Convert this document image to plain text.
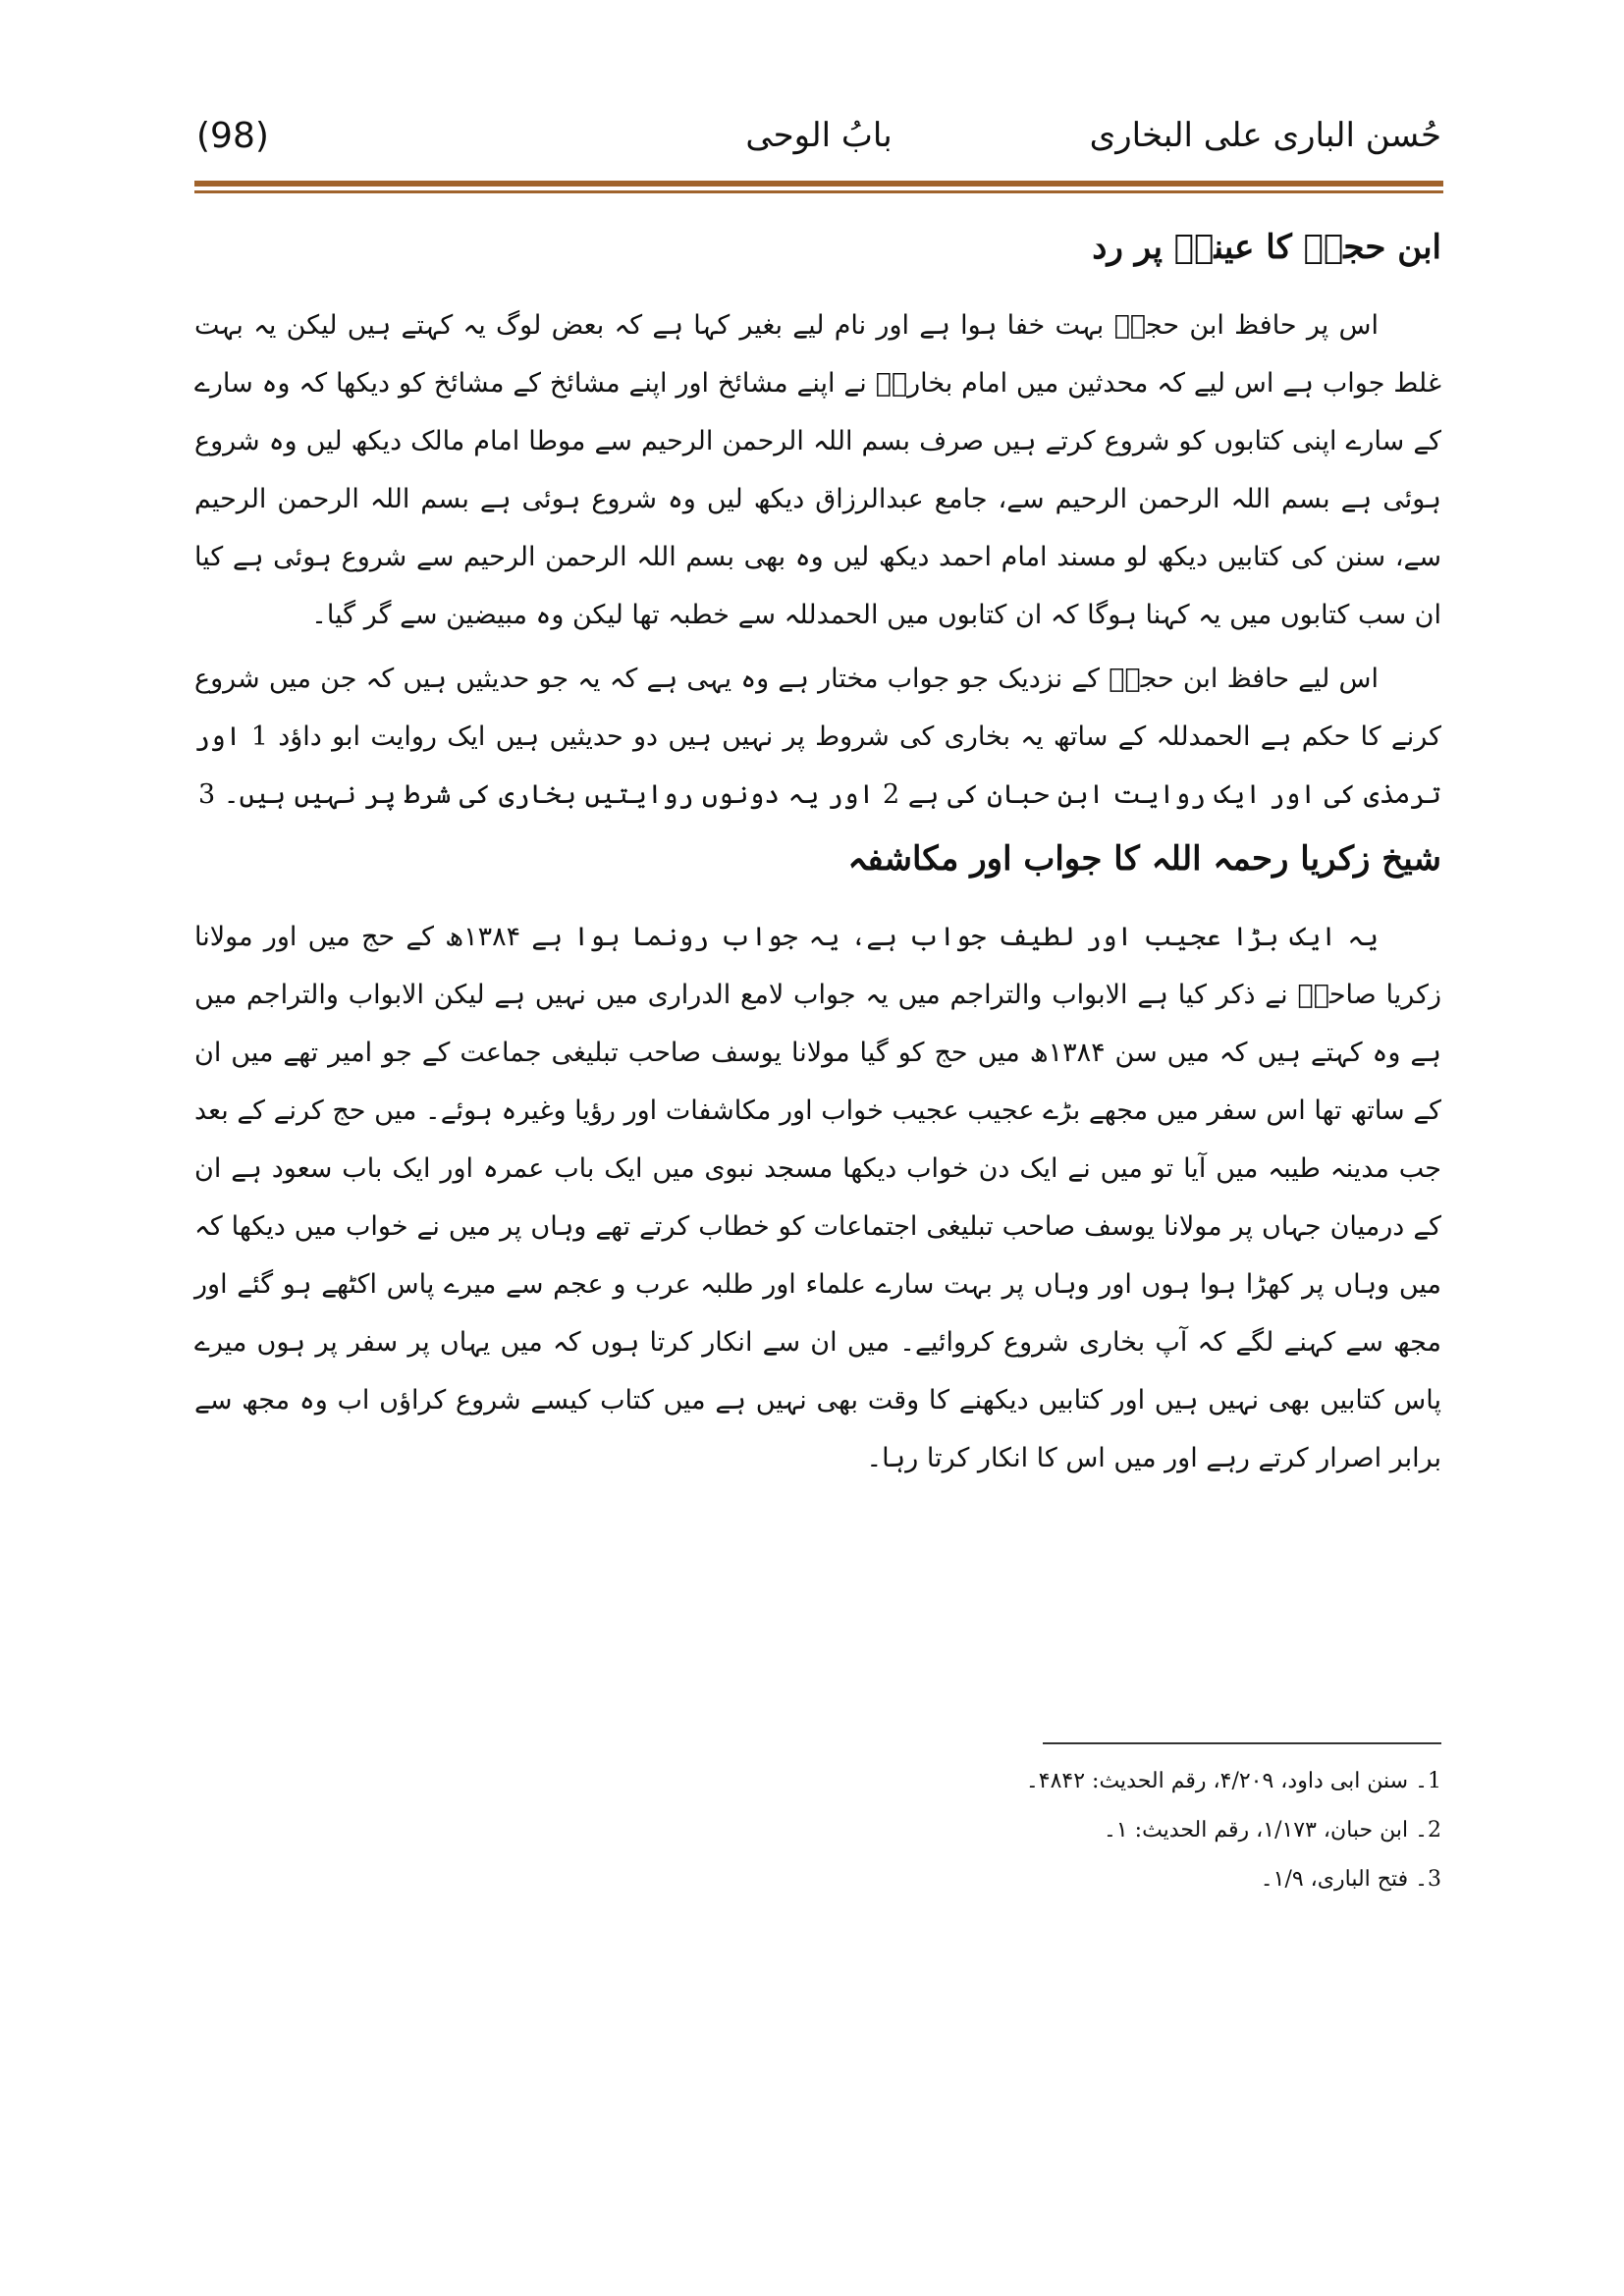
حُسن البارى على البخارى
بابُ الوحی
(98)
ابن حجرؒ کا عینیؒ پر رد

اس پر حافظ ابن حجرؒ بہت خفا ہوا ہے اور نام لیے بغیر کہا ہے کہ بعض لوگ یہ کہتے ہیں لیکن یہ بہت غلط جواب ہے اس لیے کہ محدثین میں امام بخاریؒ نے اپنے مشائخ اور اپنے مشائخ کے مشائخ کو دیکھا کہ وہ سارے کے سارے اپنی کتابوں کو شروع کرتے ہیں صرف بسم اللہ الرحمن الرحیم سے موطا امام مالک دیکھ لیں وہ شروع ہوئی ہے بسم اللہ الرحمن الرحیم سے، جامع عبدالرزاق دیکھ لیں وہ شروع ہوئی ہے بسم اللہ الرحمن الرحیم سے، سنن کی کتابیں دیکھ لو مسند امام احمد دیکھ لیں وہ بھی بسم اللہ الرحمن الرحیم سے شروع ہوئی ہے کیا ان سب کتابوں میں یہ کہنا ہوگا کہ ان کتابوں میں الحمدللہ سے خطبہ تھا لیکن وہ مبیضین سے گر گیا۔

اس لیے حافظ ابن حجرؒ کے نزدیک جو جواب مختار ہے وہ یہی ہے کہ یہ جو حدیثیں ہیں کہ جن میں شروع کرنے کا حکم ہے الحمدللہ کے ساتھ یہ بخاری کی شروط پر نہیں ہیں دو حدیثیں ہیں ایک روایت ابو داؤد 1 اور ترمذی کی اور ایک روایت ابن حبان کی ہے 2 اور یہ دونوں روایتیں بخاری کی شرط پر نہیں ہیں۔ 3

شیخ زکریا رحمہ اللہ کا جواب اور مکاشفہ

یہ ایک بڑا عجیب اور لطیف جواب ہے، یہ جواب رونما ہوا ہے ۱۳۸۴ھ کے حج میں اور مولانا زکریا صاحبؒ نے ذکر کیا ہے الابواب والتراجم میں یہ جواب لامع الدراری میں نہیں ہے لیکن الابواب والتراجم میں ہے وہ کہتے ہیں کہ میں سن ۱۳۸۴ھ میں حج کو گیا مولانا یوسف صاحب تبلیغی جماعت کے جو امیر تھے میں ان کے ساتھ تھا اس سفر میں مجھے بڑے عجیب عجیب خواب اور مکاشفات اور رؤیا وغیرہ ہوئے۔ میں حج کرنے کے بعد جب مدینہ طیبہ میں آیا تو میں نے ایک دن خواب دیکھا مسجد نبوی میں ایک باب عمرہ اور ایک باب سعود ہے ان کے درمیان جہاں پر مولانا یوسف صاحب تبلیغی اجتماعات کو خطاب کرتے تھے وہاں پر میں نے خواب میں دیکھا کہ میں وہاں پر کھڑا ہوا ہوں اور وہاں پر بہت سارے علماء اور طلبہ عرب و عجم سے میرے پاس اکٹھے ہو گئے اور مجھ سے کہنے لگے کہ آپ بخاری شروع کروائیے۔ میں ان سے انکار کرتا ہوں کہ میں یہاں پر سفر پر ہوں میرے پاس کتابیں بھی نہیں ہیں اور کتابیں دیکھنے کا وقت بھی نہیں ہے میں کتاب کیسے شروع کراؤں اب وہ مجھ سے برابر اصرار کرتے رہے اور میں اس کا انکار کرتا رہا۔

1۔ سنن ابی داود، ۴/۲۰۹، رقم الحدیث: ۴۸۴۲۔

2۔ ابن حبان، ۱/۱۷۳، رقم الحدیث: ۱۔

3۔ فتح الباری، ۱/۹۔
